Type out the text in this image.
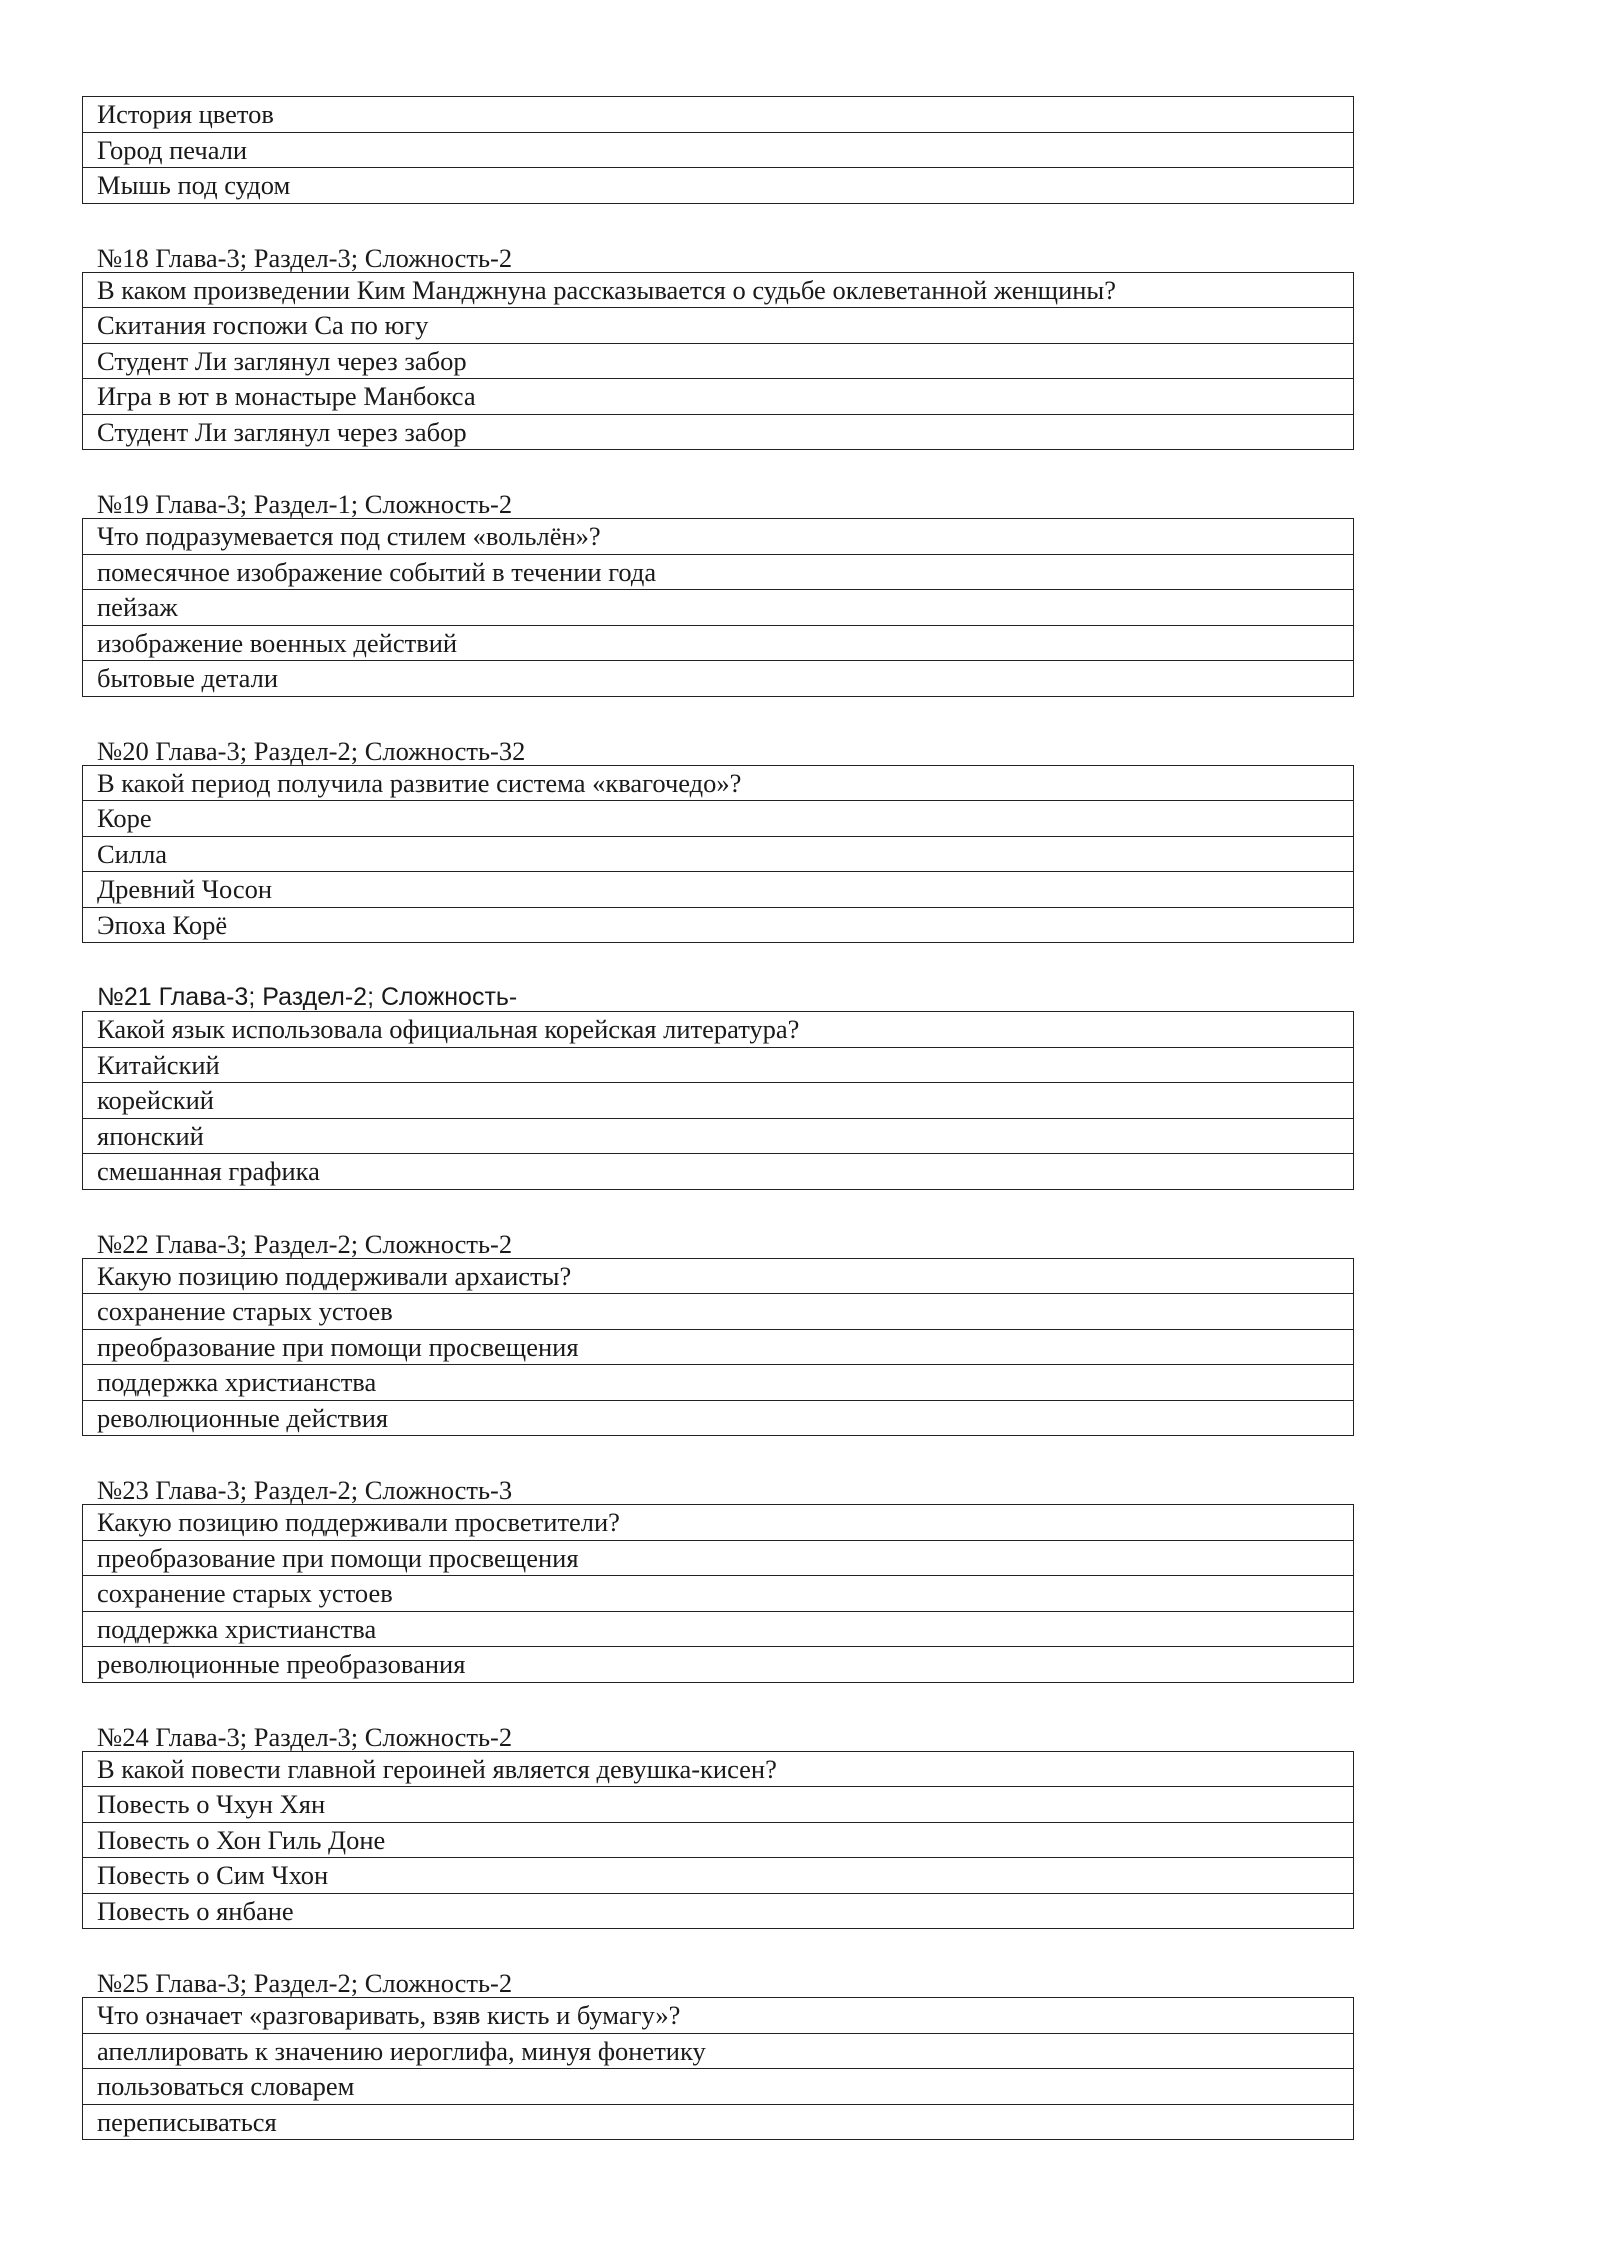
История цветов
Город печали
Мышь под судом
№18 Глава-3; Раздел-3; Сложность-2
В каком произведении Ким Манджнуна рассказывается о судьбе оклеветанной женщины?
Скитания госпожи Са по югу
Студент Ли заглянул через забор
Игра в ют в монастыре Манбокса
Студент Ли заглянул через забор
№19 Глава-3; Раздел-1; Сложность-2
Что подразумевается под стилем «вольлён»?
помесячное изображение событий в течении года
пейзаж
изображение военных действий
бытовые детали
№20 Глава-3; Раздел-2; Сложность-32
В какой период получила развитие система «квагочедо»?
Коре
Силла
Древний Чосон
Эпоха Корё
№21 Глава-3; Раздел-2; Сложность-
Какой язык использовала официальная корейская литература?
Китайский
корейский
японский
смешанная графика
№22 Глава-3; Раздел-2; Сложность-2
Какую позицию поддерживали архаисты?
сохранение старых устоев
преобразование при помощи просвещения
поддержка христианства
революционные действия
№23 Глава-3; Раздел-2; Сложность-3
Какую позицию поддерживали просветители?
преобразование при помощи просвещения
сохранение старых устоев
поддержка христианства
революционные преобразования
№24 Глава-3; Раздел-3; Сложность-2
В какой повести главной героиней является девушка-кисен?
Повесть о Чхун Хян
Повесть о Хон Гиль Доне
Повесть о Сим Чхон
Повесть о янбане
№25 Глава-3; Раздел-2; Сложность-2
Что означает «разговаривать, взяв кисть и бумагу»?
апеллировать к значению иероглифа, минуя фонетику
пользоваться словарем
переписываться
